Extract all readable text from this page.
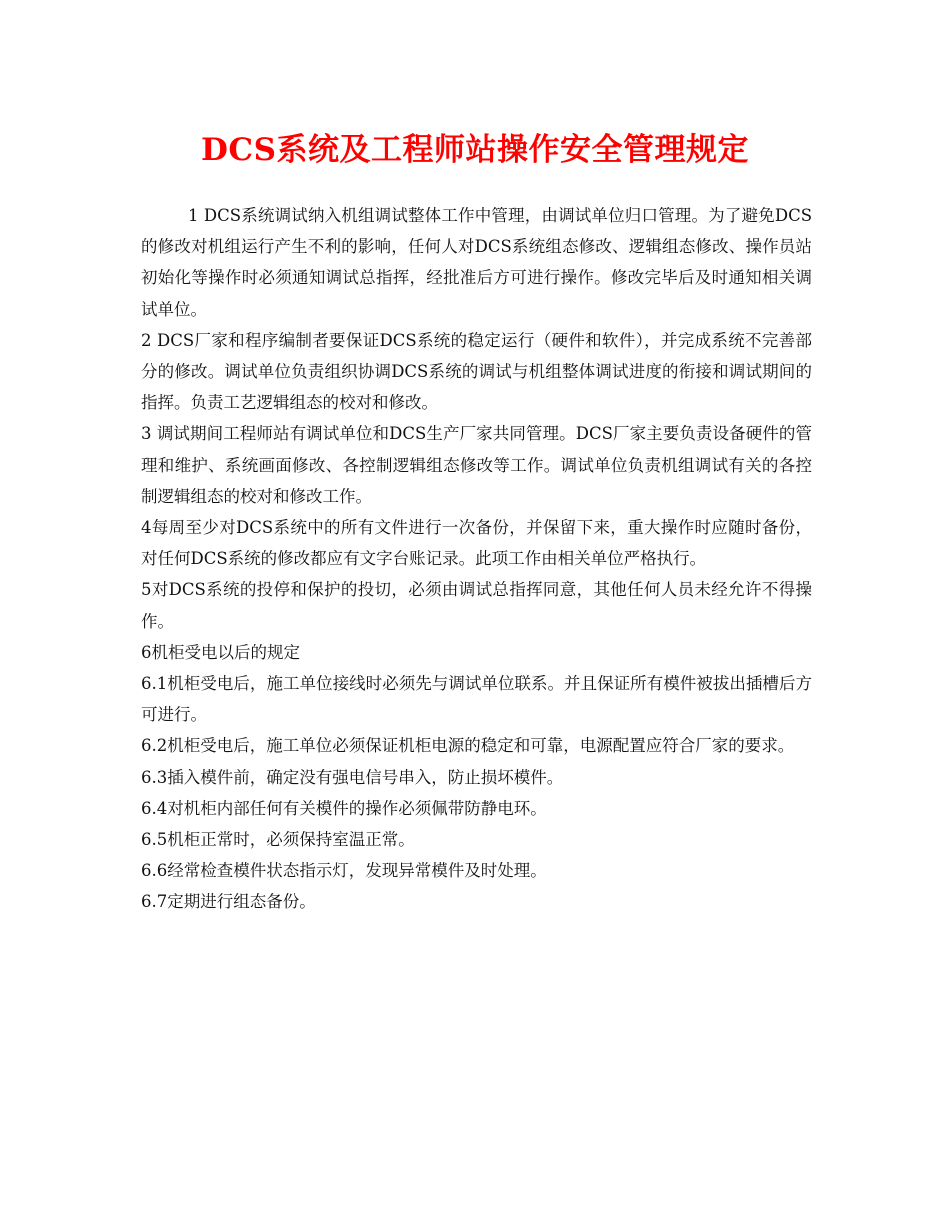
DCS系统及工程师站操作安全管理规定

1 DCS系统调试纳入机组调试整体工作中管理，由调试单位归口管理。为了避免DCS的修改对机组运行产生不利的影响，任何人对DCS系统组态修改、逻辑组态修改、操作员站初始化等操作时必须通知调试总指挥，经批准后方可进行操作。修改完毕后及时通知相关调试单位。

2 DCS厂家和程序编制者要保证DCS系统的稳定运行（硬件和软件），并完成系统不完善部分的修改。调试单位负责组织协调DCS系统的调试与机组整体调试进度的衔接和调试期间的指挥。负责工艺逻辑组态的校对和修改。

3 调试期间工程师站有调试单位和DCS生产厂家共同管理。DCS厂家主要负责设备硬件的管理和维护、系统画面修改、各控制逻辑组态修改等工作。调试单位负责机组调试有关的各控制逻辑组态的校对和修改工作。

4每周至少对DCS系统中的所有文件进行一次备份，并保留下来，重大操作时应随时备份，对任何DCS系统的修改都应有文字台账记录。此项工作由相关单位严格执行。

5对DCS系统的投停和保护的投切，必须由调试总指挥同意，其他任何人员未经允许不得操作。

6机柜受电以后的规定

6.1机柜受电后，施工单位接线时必须先与调试单位联系。并且保证所有模件被拔出插槽后方可进行。

6.2机柜受电后，施工单位必须保证机柜电源的稳定和可靠，电源配置应符合厂家的要求。

6.3插入模件前，确定没有强电信号串入，防止损坏模件。

6.4对机柜内部任何有关模件的操作必须佩带防静电环。

6.5机柜正常时，必须保持室温正常。

6.6经常检查模件状态指示灯，发现异常模件及时处理。

6.7定期进行组态备份。
